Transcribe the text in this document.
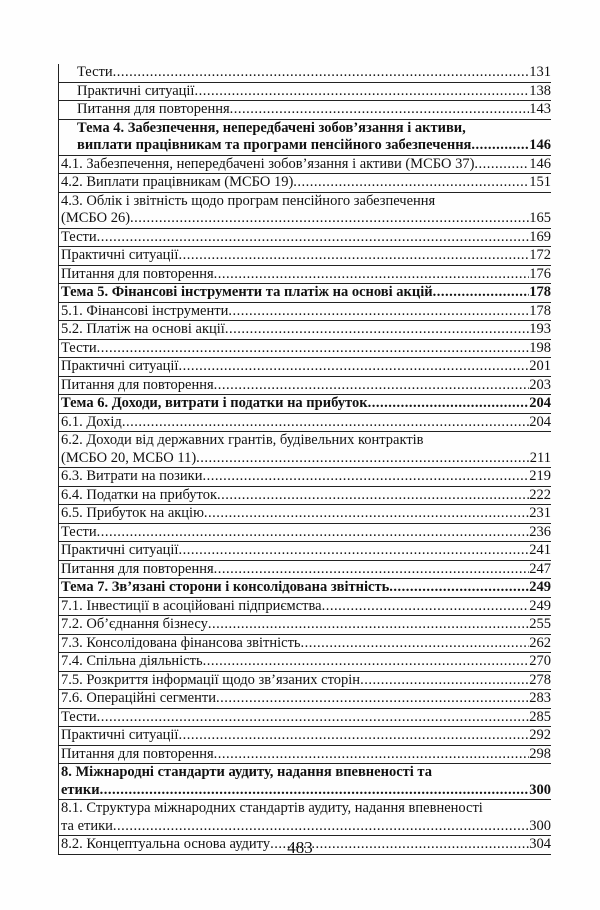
Тести .....	131
Практичні ситуації .....	138
Питання для повторення .....	143
Тема 4. Забезпечення, непередбачені зобов’язання і активи,
виплати працівникам та програми пенсійного забезпечення .....	146
4.1. Забезпечення, непередбачені зобов’язання і активи (МСБО 37) .....	146
4.2. Виплати працівникам (МСБО 19) .....	151
4.3. Облік і звітність щодо програм пенсійного забезпечення
(МСБО 26) .....	165
Тести .....	169
Практичні ситуації .....	172
Питання для повторення .....	176
Тема 5. Фінансові інструменти та платіж на основі акцій .....	178
5.1. Фінансові інструменти .....	178
5.2. Платіж на основі акції .....	193
Тести .....	198
Практичні ситуації .....	201
Питання для повторення .....	203
Тема 6. Доходи, витрати і податки на прибуток .....	204
6.1. Дохід .....	204
6.2. Доходи від державних грантів, будівельних контрактів
(МСБО 20, МСБО 11) .....	211
6.3. Витрати на позики .....	219
6.4. Податки на прибуток .....	222
6.5. Прибуток на акцію .....	231
Тести .....	236
Практичні ситуації .....	241
Питання для повторення .....	247
Тема 7. Зв’язані сторони і консолідована звітність .....	249
7.1. Інвестиції в асоційовані підприємства .....	249
7.2. Об’єднання бізнесу .....	255
7.3. Консолідована фінансова звітність .....	262
7.4. Спільна діяльність .....	270
7.5. Розкриття інформації щодо зв’язаних сторін .....	278
7.6. Операційні сегменти .....	283
Тести .....	285
Практичні ситуації .....	292
Питання для повторення .....	298
8. Міжнародні стандарти аудиту, надання впевненості та
етики .....	300
8.1. Структура міжнародних стандартів аудиту, надання впевненості
та етики .....	300
8.2. Концептуальна основа аудиту .....	304
483
